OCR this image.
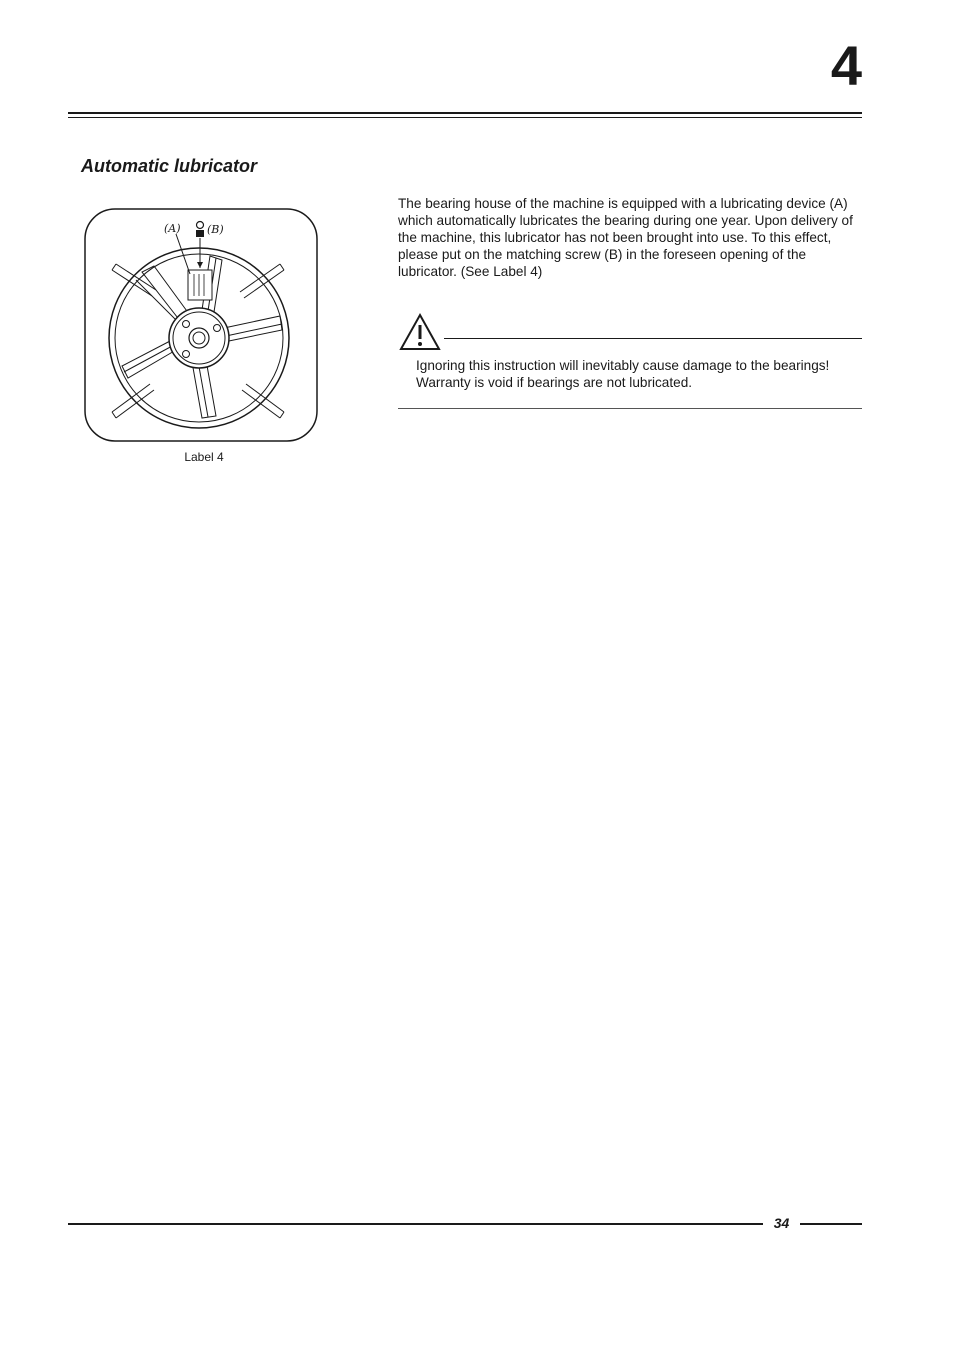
4
Automatic lubricator
(A) (B)
Label 4

The bearing house of the machine is equipped with a lubricating device (A) which automatically lubricates the bearing during one year. Upon delivery of the machine, this lubricator has not been brought into use. To this effect, please put on the matching screw (B) in the foreseen opening of the lubricator. (See Label 4)

Ignoring this instruction will inevitably cause damage to the bearings! Warranty is void if bearings are not lubricated.

34
